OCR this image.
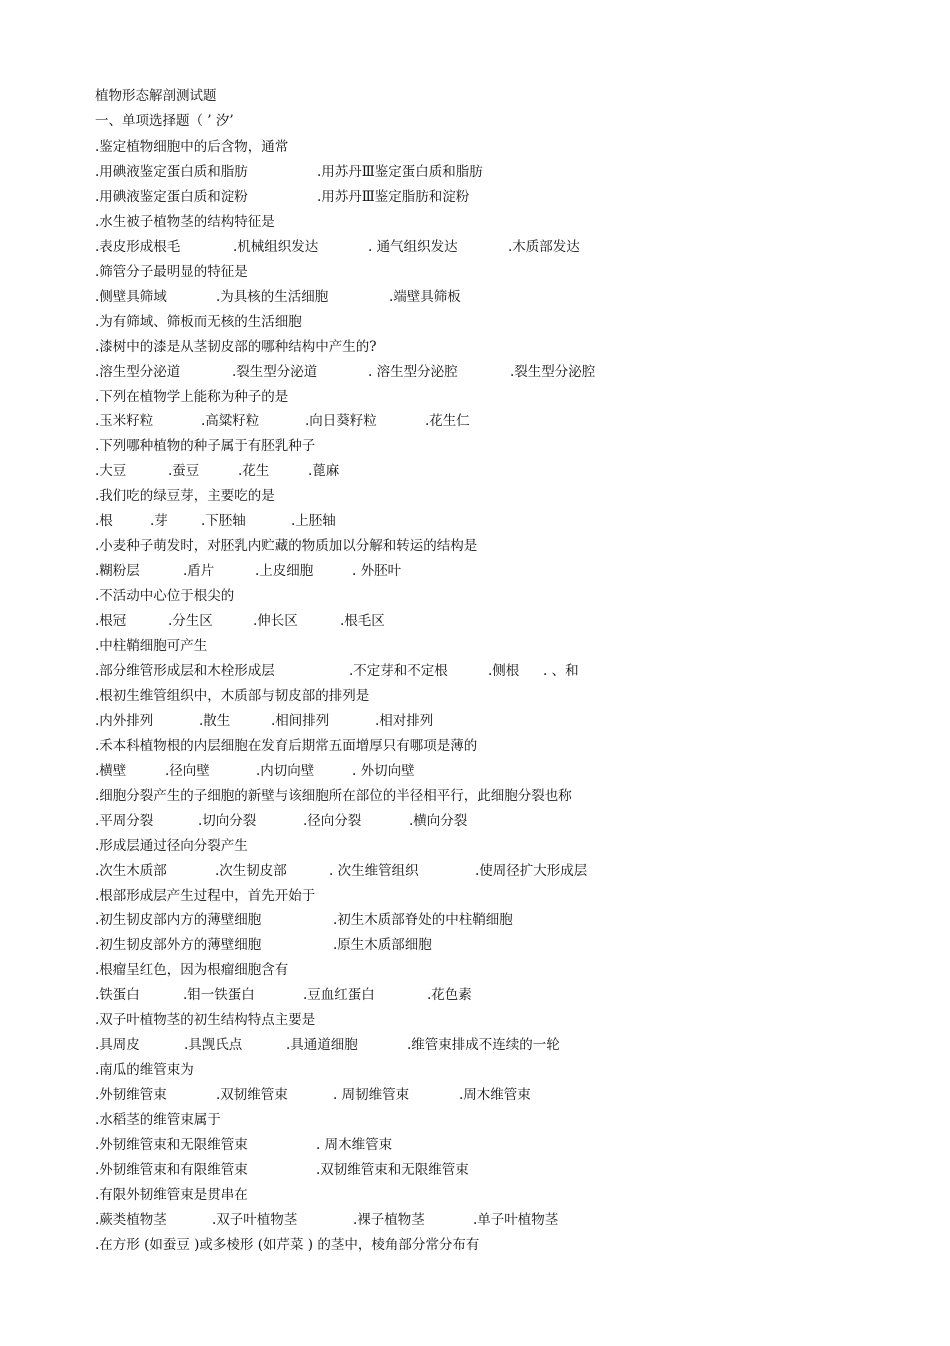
植物形态解剖测试题
一、单项选择题（ ’ 汐’
.鉴定植物细胞中的后含物，通常
.用碘液鉴定蛋白质和脂肪	.用苏丹Ⅲ鉴定蛋白质和脂肪
.用碘液鉴定蛋白质和淀粉	.用苏丹Ⅲ鉴定脂肪和淀粉
.水生被子植物茎的结构特征是
.表皮形成根毛	.机械组织发达	. 通气组织发达	.木质部发达
.筛管分子最明显的特征是
.侧壁具筛域	.为具核的生活细胞	.端壁具筛板
.为有筛域、筛板而无核的生活细胞
.漆树中的漆是从茎韧皮部的哪种结构中产生的?
.溶生型分泌道	.裂生型分泌道	. 溶生型分泌腔	.裂生型分泌腔
.下列在植物学上能称为种子的是
.玉米籽粒	.高粱籽粒	.向日葵籽粒	.花生仁
.下列哪种植物的种子属于有胚乳种子
.大豆	.蚕豆	.花生	.蓖麻
.我们吃的绿豆芽，主要吃的是
.根	.芽 .下胚轴	.上胚轴
.小麦种子萌发时，对胚乳内贮藏的物质加以分解和转运的结构是
.糊粉层	.盾片	.上皮细胞	. 外胚叶
.不活动中心位于根尖的
.根冠	.分生区	.伸长区	.根毛区
.中柱鞘细胞可产生
.部分维管形成层和木栓形成层	.不定芽和不定根	.侧根 . 、和
.根初生维管组织中，木质部与韧皮部的排列是
.内外排列	.散生	.相间排列	.相对排列
.禾本科植物根的内层细胞在发育后期常五面增厚只有哪项是薄的
.横壁	.径向壁	.内切向壁	. 外切向壁
.细胞分裂产生的子细胞的新壁与该细胞所在部位的半径相平行，此细胞分裂也称
.平周分裂	.切向分裂	.径向分裂	.横向分裂
.形成层通过径向分裂产生
.次生木质部	.次生韧皮部	. 次生维管组织	.使周径扩大形成层
.根部形成层产生过程中，首先开始于
.初生韧皮部内方的薄壁细胞	.初生木质部脊处的中柱鞘细胞
.初生韧皮部外方的薄壁细胞	.原生木质部细胞
.根瘤呈红色，因为根瘤细胞含有
.铁蛋白	.钼一铁蛋白	.豆血红蛋白	.花色素
.双子叶植物茎的初生结构特点主要是
.具周皮	.具觊氏点	.具通道细胞	.维管束排成不连续的一轮
.南瓜的维管束为
.外韧维管束	.双韧维管束	. 周韧维管束	.周木维管束
.水稻茎的维管束属于
.外韧维管束和无限维管束	. 周木维管束
.外韧维管束和有限维管束	.双韧维管束和无限维管束
.有限外韧维管束是贯串在
.蕨类植物茎	.双子叶植物茎	.裸子植物茎	.单子叶植物茎
.在方形 (如蚕豆 )或多棱形 (如芹菜 ) 的茎中，棱角部分常分布有
